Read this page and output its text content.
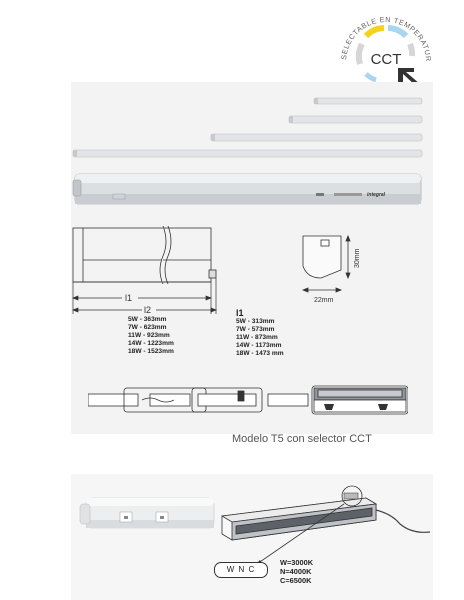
SELECTABLE EN TEMPERATUR
CCT
integral
l1
l2
30mm
22mm
5W - 363mm
7W - 623mm
11W - 923mm
14W - 1223mm
18W - 1523mm
l1
5W - 313mm
7W - 573mm
11W - 873mm
14W - 1173mm
18W - 1473 mm
Modelo T5 con selector CCT
W N C
W=3000K
N=4000K
C=6500K
